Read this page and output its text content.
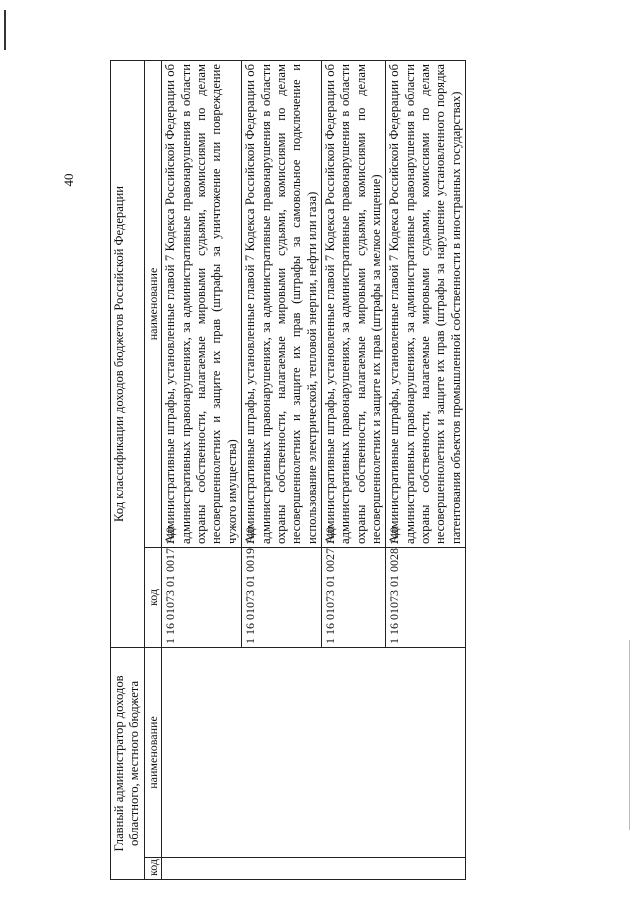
40
Главный администратор доходов областного, местного бюджета		Код классификации доходов бюджетов Российской Федерации	
код	наименование	код	наименование
		1 16 01073 01 0017 140	Административные штрафы, установленные главой 7 Кодекса Российской Федерации об административных правонарушениях, за административные правонарушения в области охраны собственности, налагаемые мировыми судьями, комиссиями по делам несовершеннолетних и защите их прав (штрафы за уничтожение или повреждение чужого имущества)
		1 16 01073 01 0019 140	Административные штрафы, установленные главой 7 Кодекса Российской Федерации об административных правонарушениях, за административные правонарушения в области охраны собственности, налагаемые мировыми судьями, комиссиями по делам несовершеннолетних и защите их прав (штрафы за самовольное подключение и использование электрической, тепловой энергии, нефти или газа)
		1 16 01073 01 0027 140	Административные штрафы, установленные главой 7 Кодекса Российской Федерации об административных правонарушениях, за административные правонарушения в области охраны собственности, налагаемые мировыми судьями, комиссиями по делам несовершеннолетних и защите их прав (штрафы за мелкое хищение)
		1 16 01073 01 0028 140	Административные штрафы, установленные главой 7 Кодекса Российской Федерации об административных правонарушениях, за административные правонарушения в области охраны собственности, налагаемые мировыми судьями, комиссиями по делам несовершеннолетних и защите их прав (штрафы за нарушение установленного порядка патентования объектов промышленной собственности в иностранных государствах)
